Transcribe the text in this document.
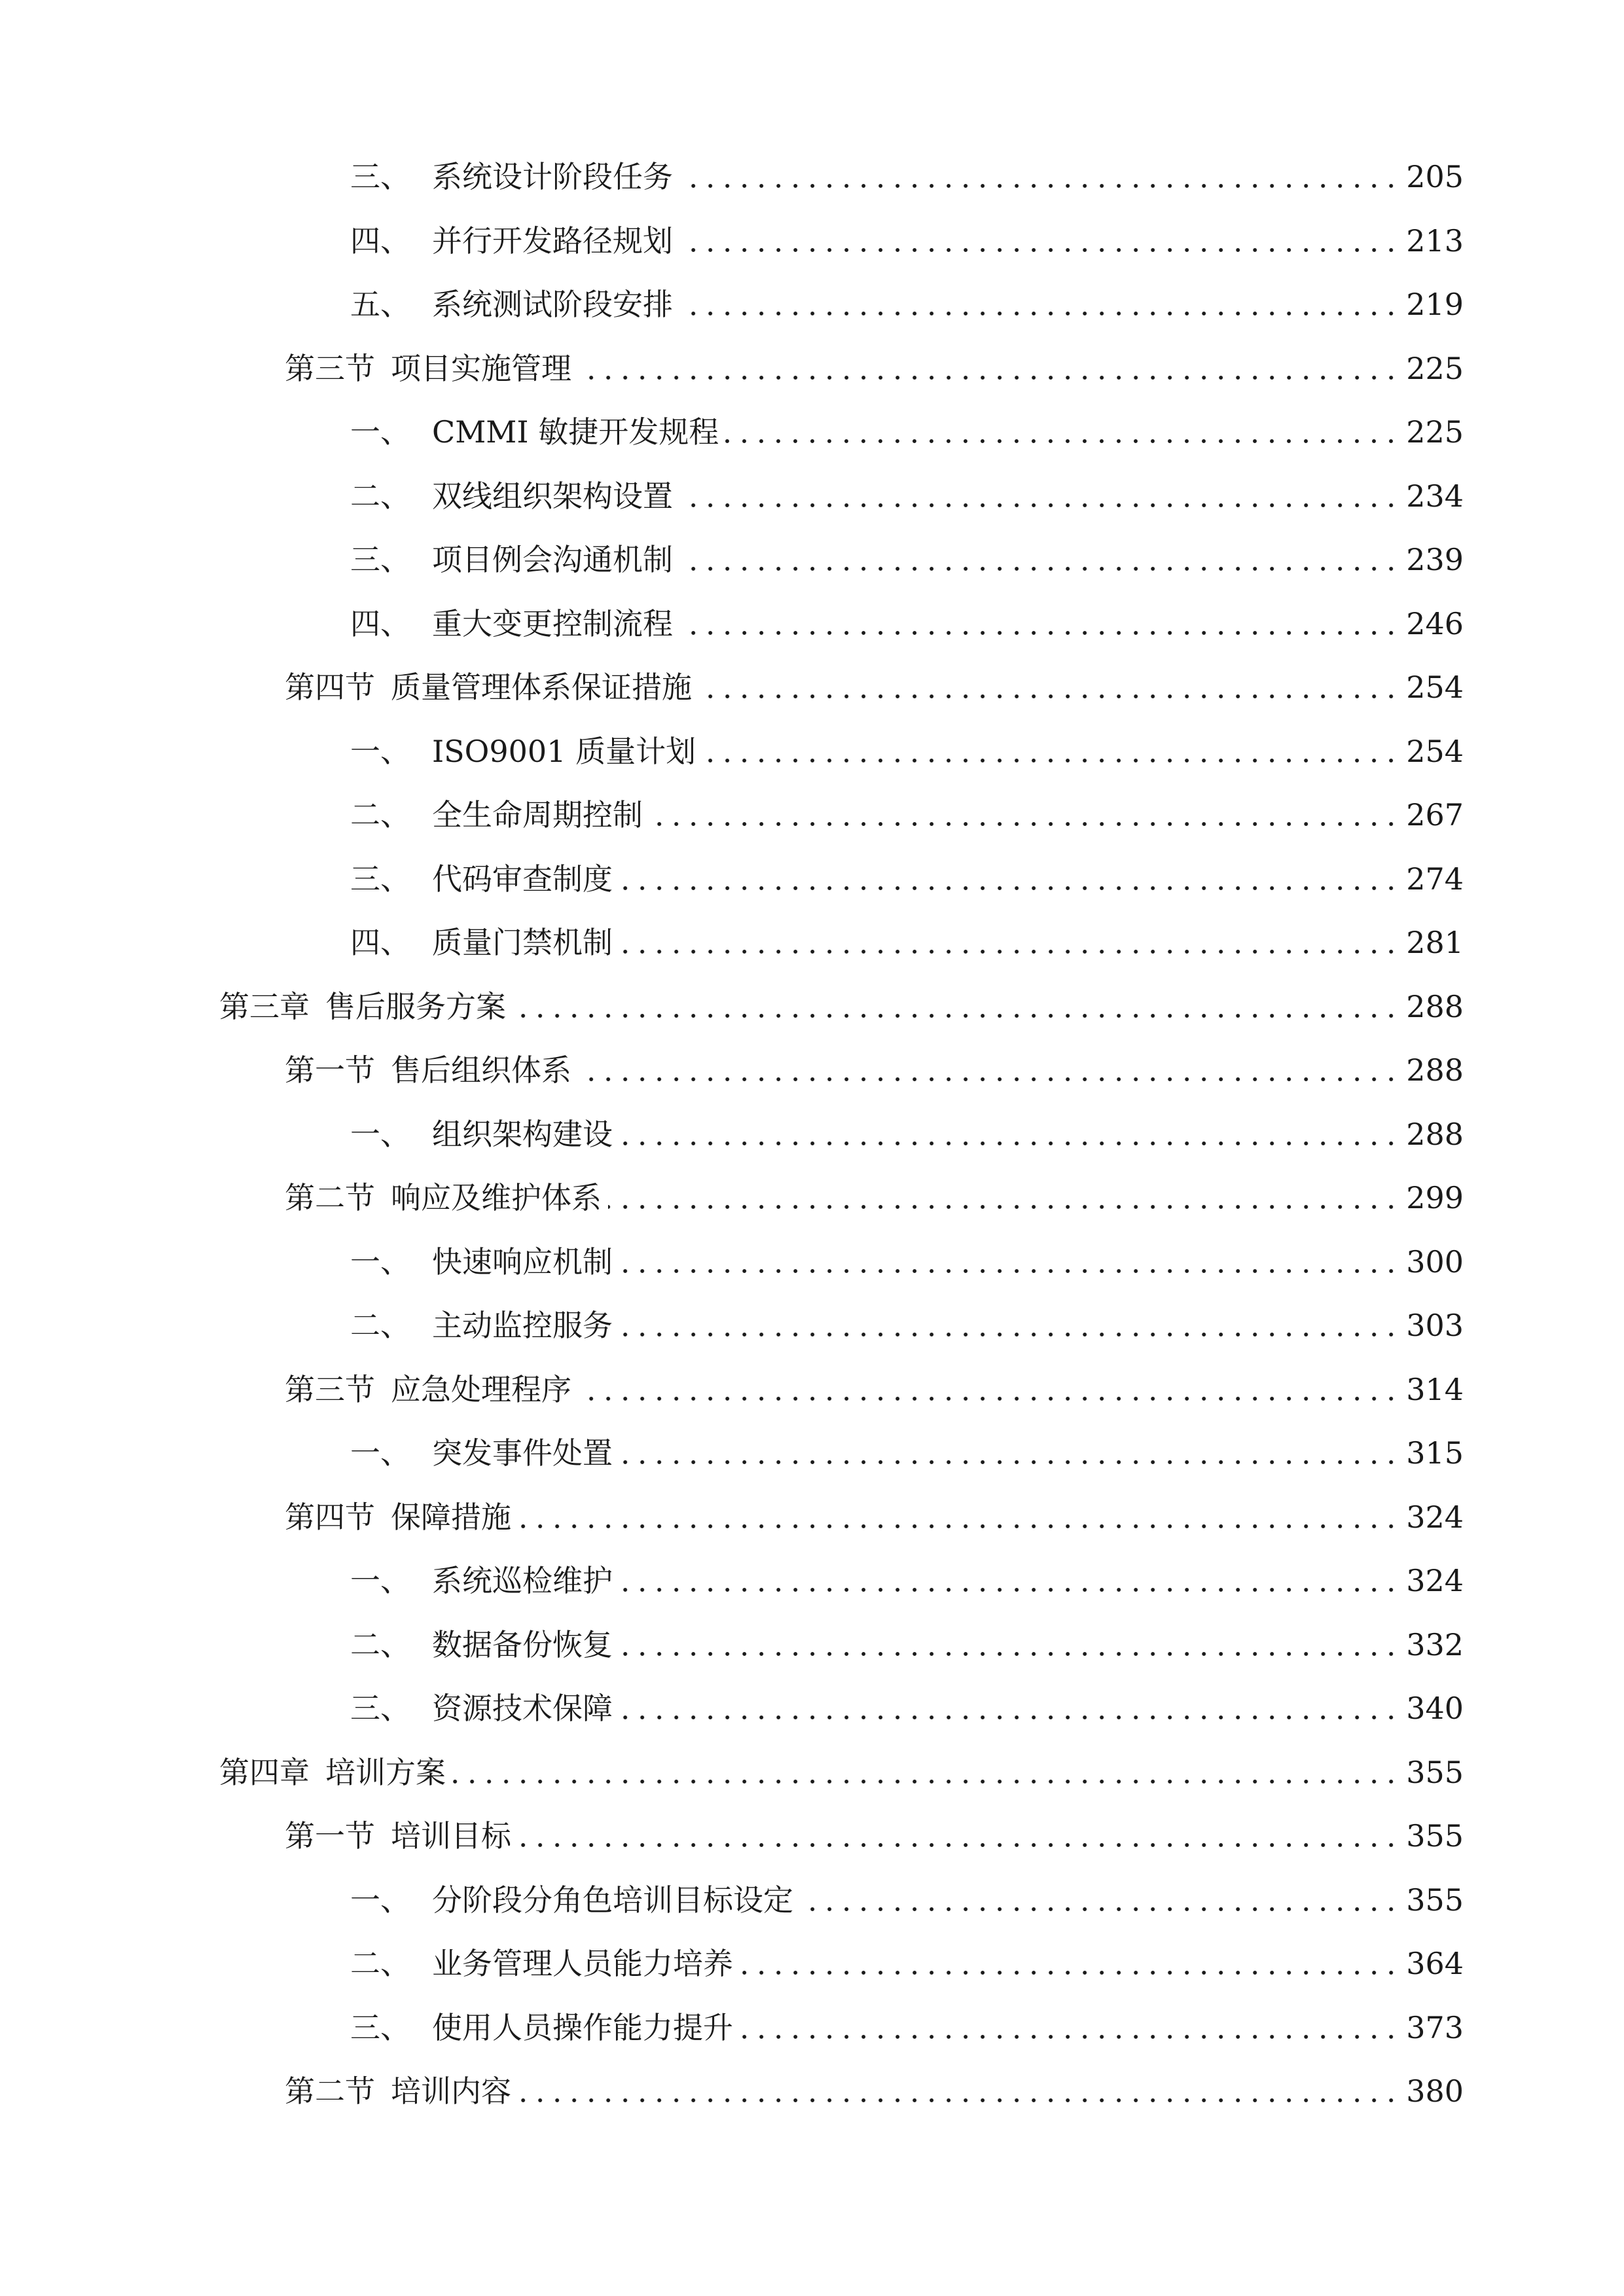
三、 系统设计阶段任务	205
四、 并行开发路径规划	213
五、 系统测试阶段安排	219
第三节 项目实施管理	225
一、 CMMI 敏捷开发规程	225
二、 双线组织架构设置	234
三、 项目例会沟通机制	239
四、 重大变更控制流程	246
第四节 质量管理体系保证措施	254
一、 ISO9001 质量计划	254
二、 全生命周期控制	267
三、 代码审查制度	274
四、 质量门禁机制	281
第三章 售后服务方案	288
第一节 售后组织体系	288
一、 组织架构建设	288
第二节 响应及维护体系	299
一、 快速响应机制	300
二、 主动监控服务	303
第三节 应急处理程序	314
一、 突发事件处置	315
第四节 保障措施	324
一、 系统巡检维护	324
二、 数据备份恢复	332
三、 资源技术保障	340
第四章 培训方案	355
第一节 培训目标	355
一、 分阶段分角色培训目标设定	355
二、 业务管理人员能力培养	364
三、 使用人员操作能力提升	373
第二节 培训内容	380
